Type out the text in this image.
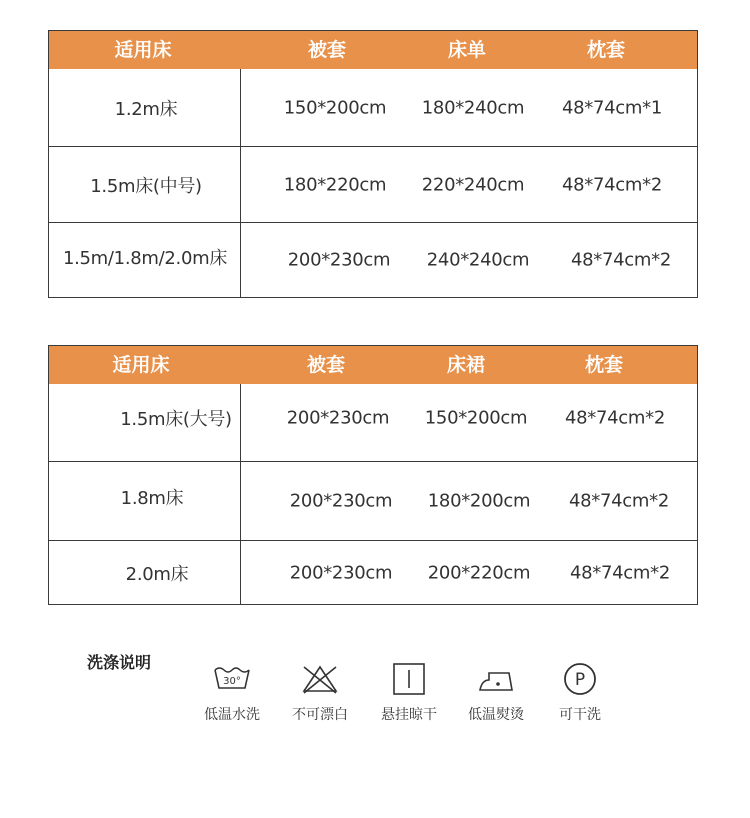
适用床	被套	床单	枕套
1.2m床	150*200cm 180*240cm 48*74cm*1
1.5m床(中号)	180*220cm 220*240cm 48*74cm*2
1.5m/1.8m/2.0m床	200*230cm 240*240cm 48*74cm*2
适用床	被套	床裙	枕套
1.5m床(大号)	200*230cm 150*200cm 48*74cm*2
1.8m床	200*230cm 180*200cm 48*74cm*2
2.0m床	200*230cm 200*220cm 48*74cm*2
洗涤说明
30°
低温水洗	不可漂白	悬挂晾干	低温熨烫
P
可干洗
